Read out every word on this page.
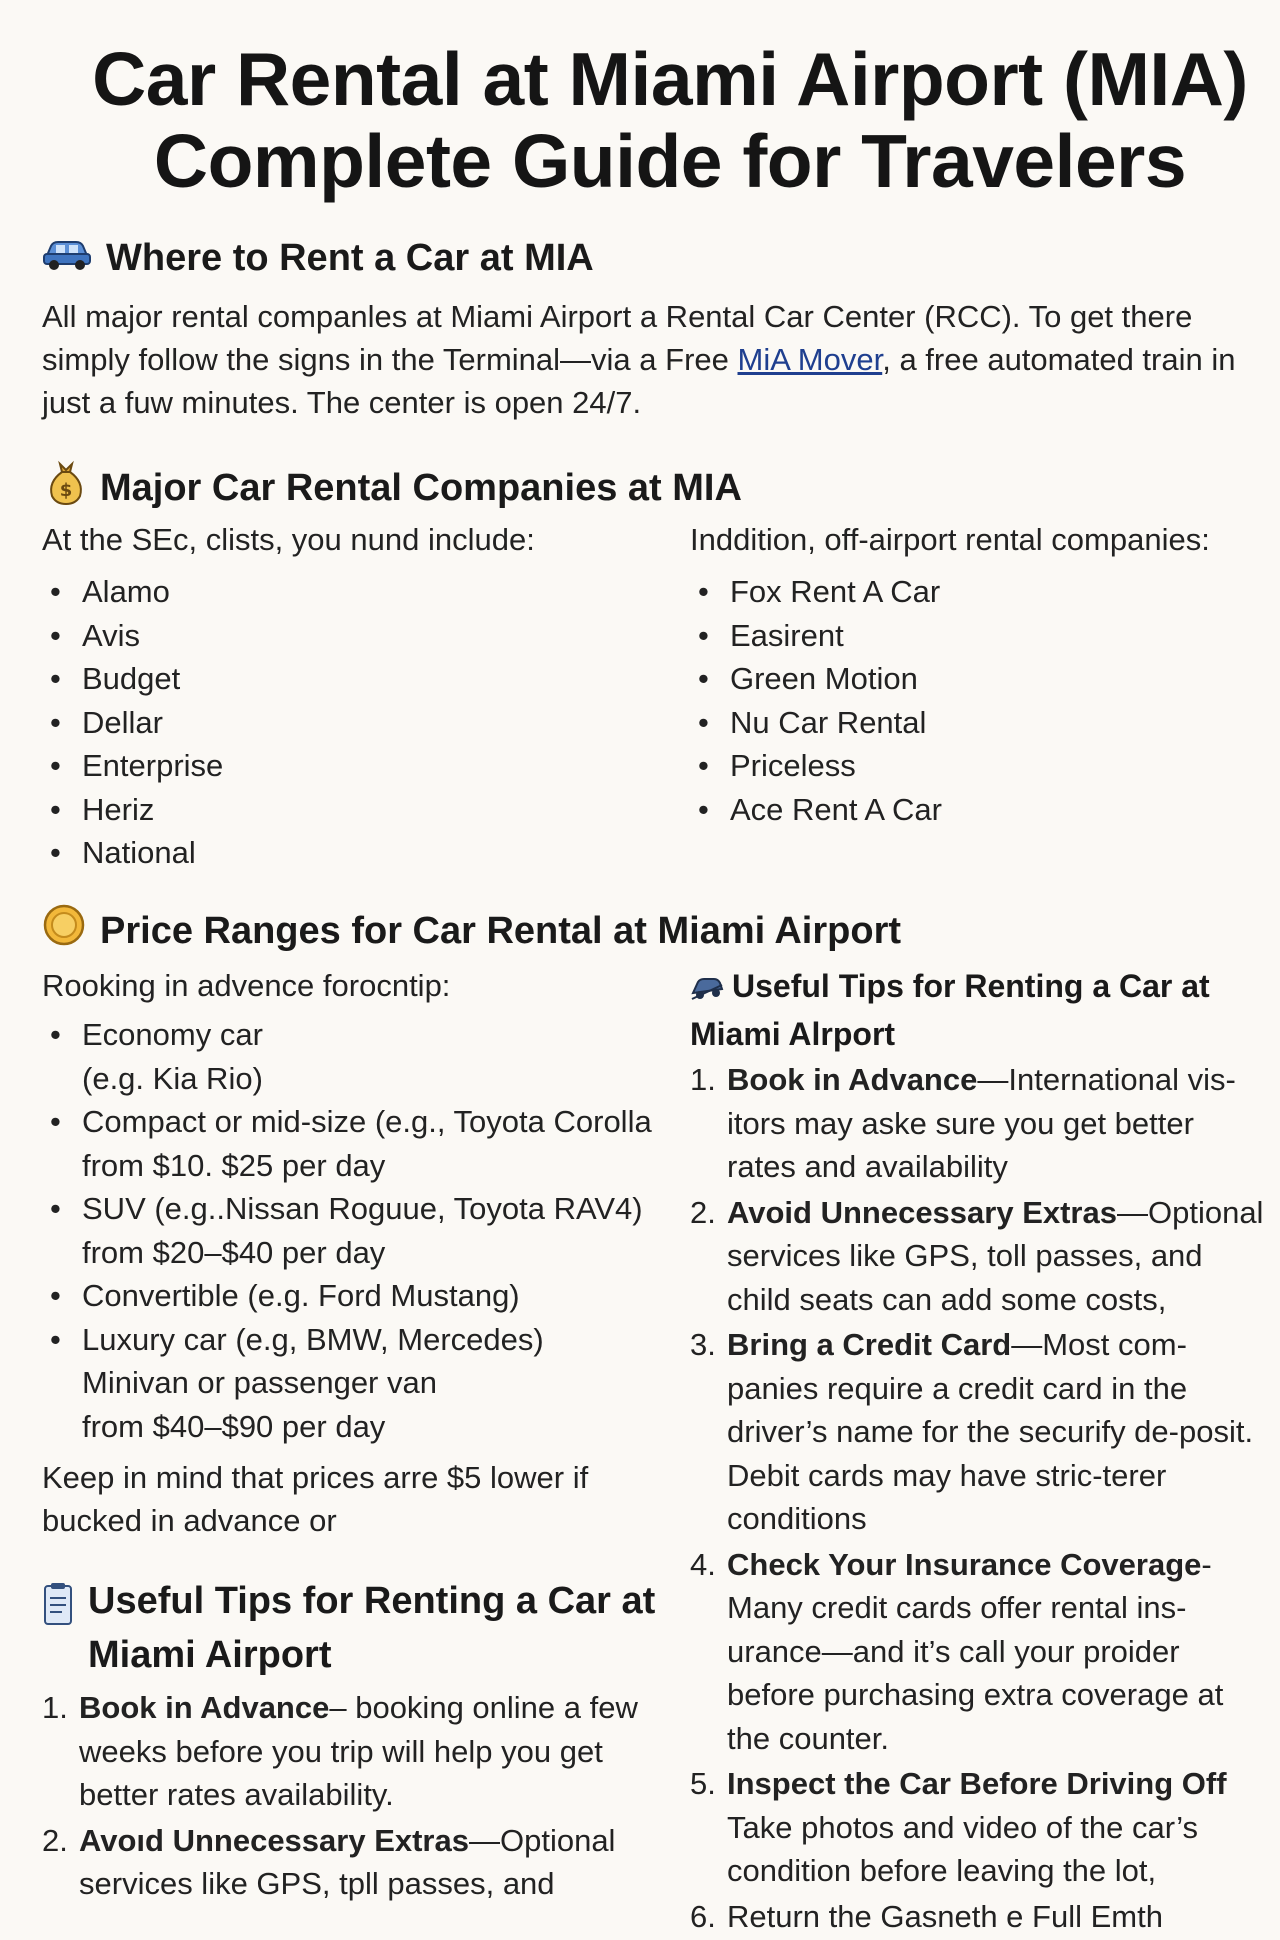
Car Rental at Miami Airport (MIA)
Complete Guide for Travelers
Where to Rent a Car at MIA
All major rental companles at Miami Airport a Rental Car Center (RCC). To get there simply follow the signs in the Terminal—via a Free MiA Mover, a free automated train in just a fuw minutes. The center is open 24/7.
$ Major Car Rental Companies at MIA
At the SEc, clists, you nund include:
• Alamo
• Avis
• Budget
• Dellar
• Enterprise
• Heriz
• National
Inddition, off-airport rental companies:
• Fox Rent A Car
• Easirent
• Green Motion
• Nu Car Rental
• Priceless
• Ace Rent A Car
Price Ranges for Car Rental at Miami Airport
Rooking in advence forocntip:
• Economy car
(e.g. Kia Rio)
• Compact or mid-size (e.g., Toyota Corolla
from $10. $25 per day
• SUV (e.g..Nissan Roguue, Toyota RAV4)
from $20–$40 per day
• Convertible (e.g. Ford Mustang)
• Luxury car (e.g, BMW, Mercedes)
Minivan or passenger van
from $40–$90 per day
Keep in mind that prices arre $5 lower if bucked in advance or
Useful Tips for Renting a Car at Miami Airport
1. Book in Advance– booking online a few weeks before you trip will help you get better rates availability.
2. Avoıd Unnecessary Extras—Optional services like GPS, tpll passes, and
Useful Tips for Renting a Car at Miami Alrport
1. Book in Advance—International vis-itors may aske sure you get better rates and availability
2. Avoid Unnecessary Extras—Optional services like GPS, toll passes, and child seats can add some costs,
3. Bring a Credit Card—Most com-panies require a credit card in the driver’s name for the securify de-posit. Debit cards may have stric-terer conditions
4. Check Your Insurance Coverage-Many credit cards offer rental ins-urance—and it’s call your proider before purchasing extra coverage at the counter.
5. Inspect the Car Before Driving Off Take photos and video of the car’s condition before leaving the lot,
6. Return the Gasneth e Full Emth
